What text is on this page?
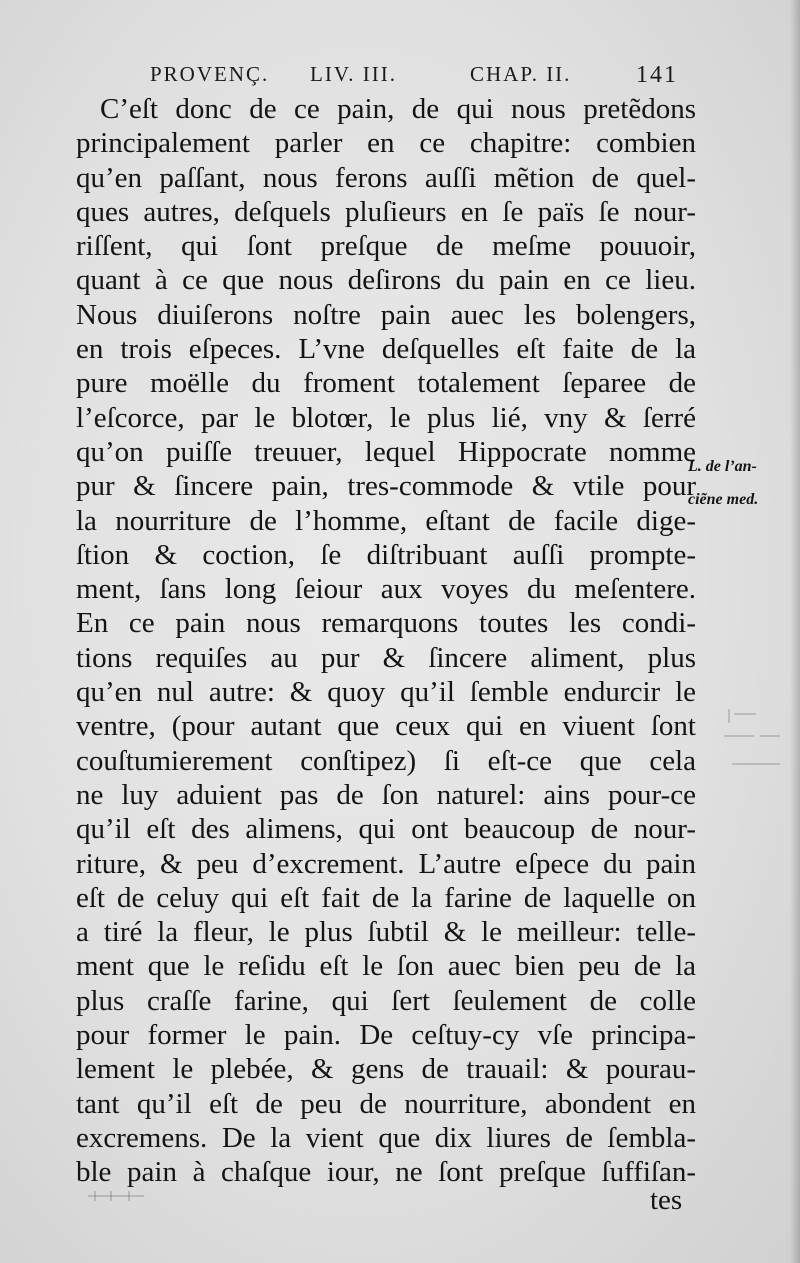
PROVENÇ. LIV. III.	CHAP. II.	141
C’eſt donc de ce pain, de qui nous pretẽdons
principalement parler en ce chapitre: combien
qu’en paſſant, nous ferons auſſi mẽtion de quel-
ques autres, deſquels pluſieurs en ſe païs ſe nour-
riſſent, qui ſont preſque de meſme pouuoir,
quant à ce que nous deſirons du pain en ce lieu.
Nous diuiſerons noſtre pain auec les bolengers,
en trois eſpeces. L’vne deſquelles eſt faite de la
pure moëlle du froment totalement ſeparee de
l’eſcorce, par le blotœr, le plus lié, vny & ſerré
qu’on puiſſe treuuer, lequel Hippocrate nomme
pur & ſincere pain, tres-commode & vtile pour
la nourriture de l’homme, eſtant de facile dige-
ſtion & coction, ſe diſtribuant auſſi prompte-
ment, ſans long ſeiour aux voyes du meſentere.
En ce pain nous remarquons toutes les condi-
tions requiſes au pur & ſincere aliment, plus
qu’en nul autre: & quoy qu’il ſemble endurcir le
ventre, (pour autant que ceux qui en viuent ſont
couſtumierement conſtipez) ſi eſt-ce que cela
ne luy aduient pas de ſon naturel: ains pour-ce
qu’il eſt des alimens, qui ont beaucoup de nour-
riture, & peu d’excrement. L’autre eſpece du pain
eſt de celuy qui eſt fait de la farine de laquelle on
a tiré la fleur, le plus ſubtil & le meilleur: telle-
ment que le reſidu eſt le ſon auec bien peu de la
plus craſſe farine, qui ſert ſeulement de colle
pour former le pain. De ceſtuy-cy vſe principa-
lement le plebée, & gens de trauail: & pourau-
tant qu’il eſt de peu de nourriture, abondent en
excremens. De la vient que dix liures de ſembla-
ble pain à chaſque iour, ne ſont preſque ſuffiſan-
tes
L. de l’an-
ciẽne med.
